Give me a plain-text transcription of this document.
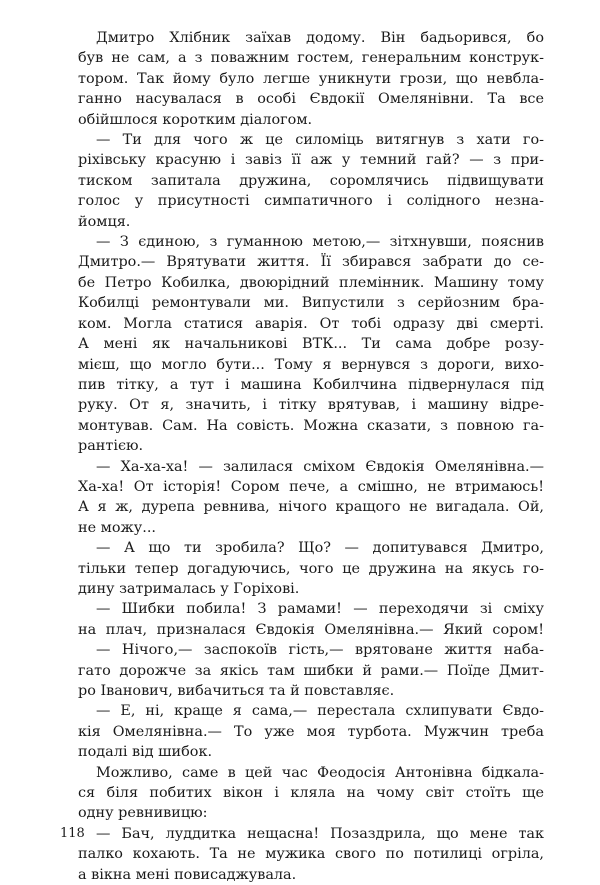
Дмитро Хлібник заїхав додому. Він бадьорився, бо
був не сам, а з поважним гостем, генеральним конструк-
тором. Так йому було легше уникнути грози, що невбла-
ганно насувалася в особі Євдокії Омелянівни. Та все
обійшлося коротким діалогом.
— Ти для чого ж це силоміць витягнув з хати го-
ріхівську красуню і завіз її аж у темний гай? — з при-
тиском запитала дружина, соромлячись підвищувати
голос у присутності симпатичного і солідного незна-
йомця.
— З єдиною, з гуманною метою,— зітхнувши, пояснив
Дмитро.— Врятувати життя. Її збирався забрати до се-
бе Петро Кобилка, двоюрідний племінник. Машину тому
Кобилці ремонтували ми. Випустили з серйозним бра-
ком. Могла статися аварія. От тобі одразу дві смерті.
А мені як начальникові ВТК... Ти сама добре розу-
мієш, що могло бути... Тому я вернувся з дороги, вихо-
пив тітку, а тут і машина Кобилчина підвернулася під
руку. От я, значить, і тітку врятував, і машину відре-
монтував. Сам. На совість. Можна сказати, з повною га-
рантією.
— Ха-ха-ха! — залилася сміхом Євдокія Омелянівна.—
Ха-ха! От історія! Сором пече, а смішно, не втримаюсь!
А я ж, дурепа ревнива, нічого кращого не вигадала. Ой,
не можу...
— А що ти зробила? Що? — допитувався Дмитро,
тільки тепер догадуючись, чого це дружина на якусь го-
дину затрималась у Горіхові.
— Шибки побила! З рамами! — переходячи зі сміху
на плач, призналася Євдокія Омелянівна.— Який сором!
— Нічого,— заспокоїв гість,— врятоване життя наба-
гато дорожче за якісь там шибки й рами.— Поїде Дмит-
ро Іванович, вибачиться та й повставляє.
— Е, ні, краще я сама,— перестала схлипувати Євдо-
кія Омелянівна.— То уже моя турбота. Мужчин треба
подалі від шибок.
Можливо, саме в цей час Феодосія Антонівна бідкала-
ся біля побитих вікон і кляла на чому світ стоїть ще
одну ревнивицю:
— Бач, луддитка нещасна! Позаздрила, що мене так
палко кохають. Та не мужика свого по потилиці огріла,
а вікна мені повисаджувала.
118
